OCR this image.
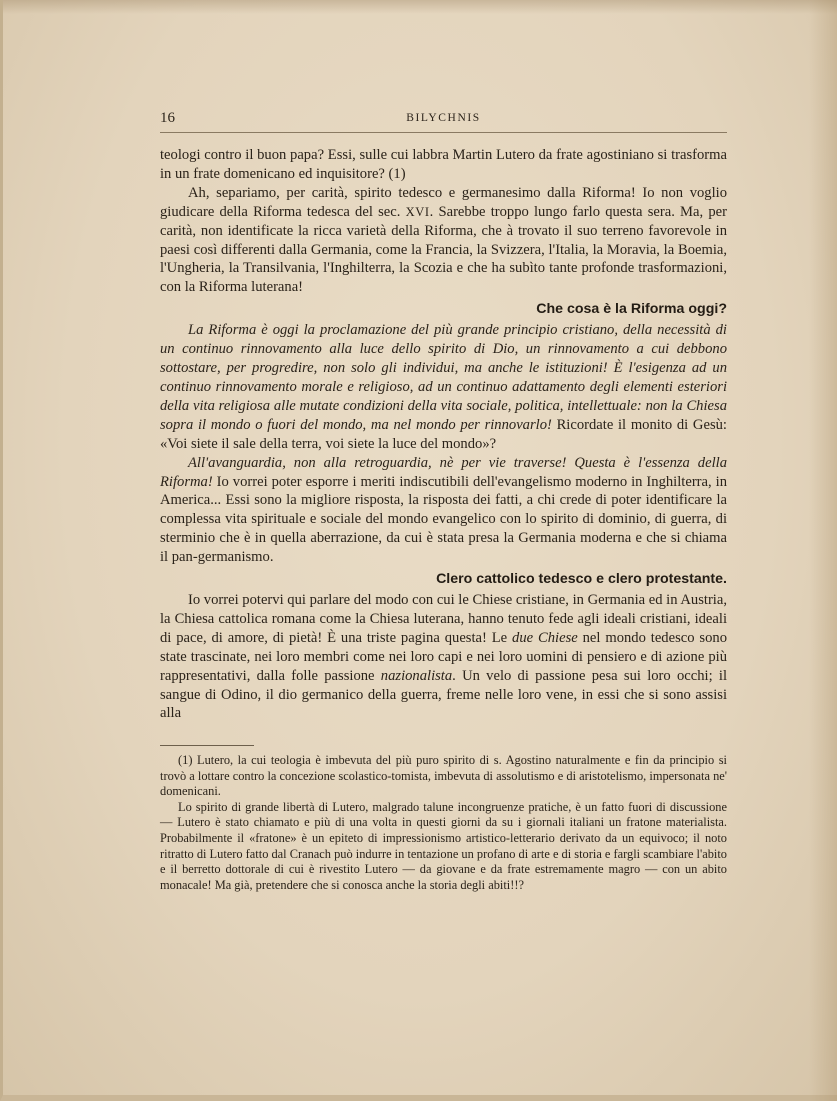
16	BILYCHNIS

teologi contro il buon papa? Essi, sulle cui labbra Martin Lutero da frate agostiniano si trasforma in un frate domenicano ed inquisitore? (1)

Ah, separiamo, per carità, spirito tedesco e germanesimo dalla Riforma! Io non voglio giudicare della Riforma tedesca del sec. XVI. Sarebbe troppo lungo farlo questa sera. Ma, per carità, non identificate la ricca varietà della Riforma, che à trovato il suo terreno favorevole in paesi così differenti dalla Germania, come la Francia, la Svizzera, l'Italia, la Moravia, la Boemia, l'Ungheria, la Transilvania, l'Inghilterra, la Scozia e che ha subìto tante profonde trasformazioni, con la Riforma luterana!

Che cosa è la Riforma oggi?

La Riforma è oggi la proclamazione del più grande principio cristiano, della necessità di un continuo rinnovamento alla luce dello spirito di Dio, un rinnovamento a cui debbono sottostare, per progredire, non solo gli individui, ma anche le istituzioni! È l'esigenza ad un continuo rinnovamento morale e religioso, ad un continuo adattamento degli elementi esteriori della vita religiosa alle mutate condizioni della vita sociale, politica, intellettuale: non la Chiesa sopra il mondo o fuori del mondo, ma nel mondo per rinnovarlo! Ricordate il monito di Gesù: «Voi siete il sale della terra, voi siete la luce del mondo»?

All'avanguardia, non alla retroguardia, nè per vie traverse! Questa è l'essenza della Riforma! Io vorrei poter esporre i meriti indiscutibili dell'evangelismo moderno in Inghilterra, in America... Essi sono la migliore risposta, la risposta dei fatti, a chi crede di poter identificare la complessa vita spirituale e sociale del mondo evangelico con lo spirito di dominio, di guerra, di sterminio che è in quella aberrazione, da cui è stata presa la Germania moderna e che si chiama il pan-germanismo.

Clero cattolico tedesco e clero protestante.

Io vorrei potervi qui parlare del modo con cui le Chiese cristiane, in Germania ed in Austria, la Chiesa cattolica romana come la Chiesa luterana, hanno tenuto fede agli ideali cristiani, ideali di pace, di amore, di pietà! È una triste pagina questa! Le due Chiese nel mondo tedesco sono state trascinate, nei loro membri come nei loro capi e nei loro uomini di pensiero e di azione più rappresentativi, dalla folle passione nazionalista. Un velo di passione pesa sui loro occhi; il sangue di Odino, il dio germanico della guerra, freme nelle loro vene, in essi che si sono assisi alla

(1) Lutero, la cui teologia è imbevuta del più puro spirito di s. Agostino naturalmente e fin da principio si trovò a lottare contro la concezione scolastico-tomista, imbevuta di assolutismo e di aristotelismo, impersonata ne' domenicani.

Lo spirito di grande libertà di Lutero, malgrado talune incongruenze pratiche, è un fatto fuori di discussione — Lutero è stato chiamato e più di una volta in questi giorni da su i giornali italiani un fratone materialista. Probabilmente il «fratone» è un epiteto di impressionismo artistico-letterario derivato da un equivoco; il noto ritratto di Lutero fatto dal Cranach può indurre in tentazione un profano di arte e di storia e fargli scambiare l'abito e il berretto dottorale di cui è rivestito Lutero — da giovane e da frate estremamente magro — con un abito monacale! Ma già, pretendere che si conosca anche la storia degli abiti!!?
